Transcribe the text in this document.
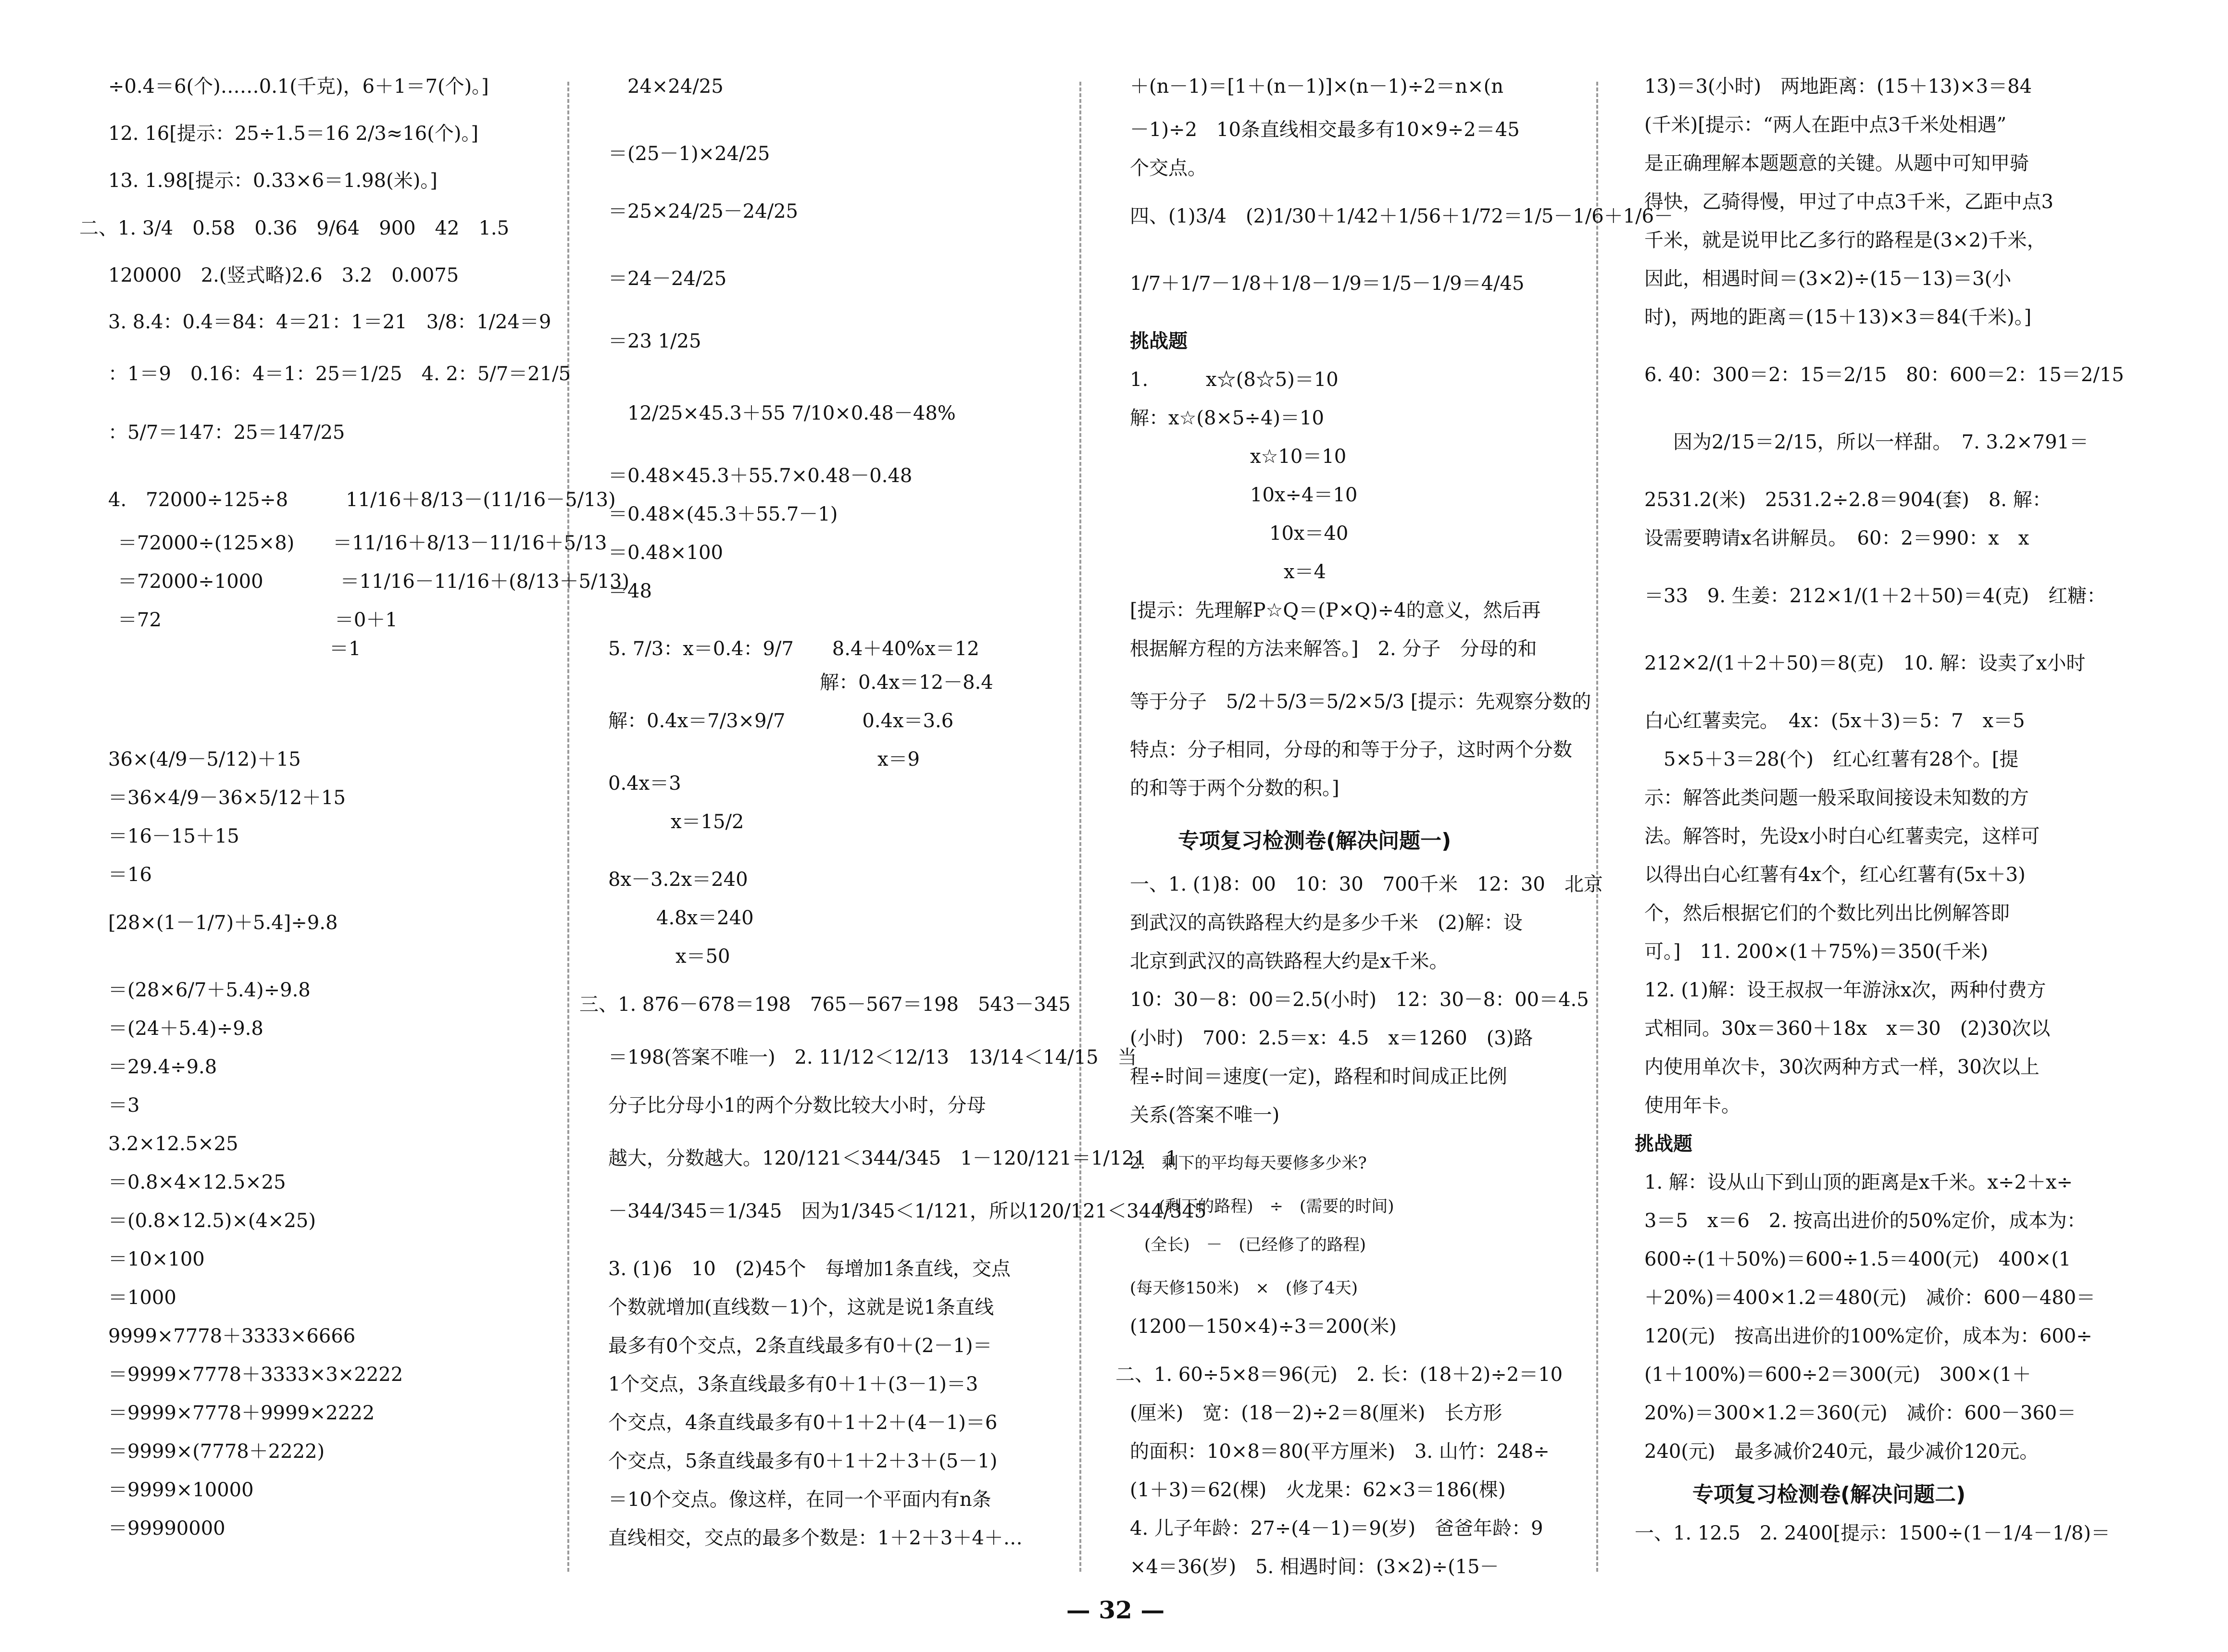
÷0.4＝6(个)……0.1(千克)，6＋1＝7(个)。]
12. 16[提示：25÷1.5＝16 2/3≈16(个)。]
13. 1.98[提示：0.33×6＝1.98(米)。]
二、1. 3/4　0.58　0.36　9/64　900　42　1.5
120000　2.(竖式略)2.6　3.2　0.0075
3. 8.4：0.4＝84：4＝21：1＝21　3/8：1/24＝9
：1＝9　0.16：4＝1：25＝1/25　4. 2：5/7＝21/5
：5/7＝147：25＝147/25
4.　72000÷125÷8　　　11/16＋8/13－(11/16－5/13)
＝72000÷(125×8)　　＝11/16＋8/13－11/16＋5/13
＝72000÷1000　　　　＝11/16－11/16＋(8/13＋5/13)
＝72　　　　　　　　　＝0＋1
　　　　　　　　　　　＝1
36×(4/9－5/12)＋15
＝36×4/9－36×5/12＋15
＝16－15＋15
＝16
[28×(1－1/7)＋5.4]÷9.8
＝(28×6/7＋5.4)÷9.8
＝(24＋5.4)÷9.8
＝29.4÷9.8
＝3
3.2×12.5×25
＝0.8×4×12.5×25
＝(0.8×12.5)×(4×25)
＝10×100
＝1000
9999×7778＋3333×6666
＝9999×7778＋3333×3×2222
＝9999×7778＋9999×2222
＝9999×(7778＋2222)
＝9999×10000
＝99990000
24×24/25
＝(25－1)×24/25
＝25×24/25－24/25
＝24－24/25
＝23 1/25
12/25×45.3＋55 7/10×0.48－48%
＝0.48×45.3＋55.7×0.48－0.48
＝0.48×(45.3＋55.7－1)
＝0.48×100
＝48
5. 7/3：x＝0.4：9/7　　8.4＋40%x＝12
　　　　　　　　　　　解：0.4x＝12－8.4
解：0.4x＝7/3×9/7　　　　0.4x＝3.6
　　　　　　　　　　　　　　x＝9
0.4x＝3
x＝15/2
8x－3.2x＝240
4.8x＝240
x＝50
三、1. 876－678＝198　765－567＝198　543－345
＝198(答案不唯一)　2. 11/12＜12/13　13/14＜14/15　当
分子比分母小1的两个分数比较大小时，分母
越大，分数越大。120/121＜344/345　1－120/121＝1/121　1
－344/345＝1/345　因为1/345＜1/121，所以120/121＜344/345
3. (1)6　10　(2)45个　每增加1条直线，交点
个数就增加(直线数－1)个，这就是说1条直线
最多有0个交点，2条直线最多有0＋(2－1)＝
1个交点，3条直线最多有0＋1＋(3－1)＝3
个交点，4条直线最多有0＋1＋2＋(4－1)＝6
个交点，5条直线最多有0＋1＋2＋3＋(5－1)
＝10个交点。像这样，在同一个平面内有n条
直线相交，交点的最多个数是：1＋2＋3＋4＋…
＋(n－1)＝[1＋(n－1)]×(n－1)÷2＝n×(n
－1)÷2　10条直线相交最多有10×9÷2＝45
个交点。
四、(1)3/4　(2)1/30＋1/42＋1/56＋1/72＝1/5－1/6＋1/6－
1/7＋1/7－1/8＋1/8－1/9＝1/5－1/9＝4/45
挑战题
1.　　　x☆(8☆5)＝10
解：x☆(8×5÷4)＝10
x☆10＝10
10x÷4＝10
10x＝40
x＝4
[提示：先理解P☆Q＝(P×Q)÷4的意义，然后再
根据解方程的方法来解答。]　2. 分子　分母的和
等于分子　5/2＋5/3＝5/2×5/3 [提示：先观察分数的
特点：分子相同，分母的和等于分子，这时两个分数
的和等于两个分数的积。]
专项复习检测卷(解决问题一)
一、1. (1)8：00　10：30　700千米　12：30　北京
到武汉的高铁路程大约是多少千米　(2)解：设
北京到武汉的高铁路程大约是x千米。
10：30－8：00＝2.5(小时)　12：30－8：00＝4.5
(小时)　700：2.5＝x：4.5　x＝1260　(3)路
程÷时间＝速度(一定)，路程和时间成正比例
关系(答案不唯一)
2.　剩下的平均每天要修多少米?
(剩下的路程)　÷　(需要的时间)
(全长)　－　(已经修了的路程)
(每天修150米)　×　(修了4天)
(1200－150×4)÷3＝200(米)
二、1. 60÷5×8＝96(元)　2. 长：(18＋2)÷2＝10
(厘米)　宽：(18－2)÷2＝8(厘米)　长方形
的面积：10×8＝80(平方厘米)　3. 山竹：248÷
(1＋3)＝62(棵)　火龙果：62×3＝186(棵)
4. 儿子年龄：27÷(4－1)＝9(岁)　爸爸年龄：9
×4＝36(岁)　5. 相遇时间：(3×2)÷(15－
13)＝3(小时)　两地距离：(15＋13)×3＝84
(千米)[提示：“两人在距中点3千米处相遇”
是正确理解本题题意的关键。从题中可知甲骑
得快，乙骑得慢，甲过了中点3千米，乙距中点3
千米，就是说甲比乙多行的路程是(3×2)千米，
因此，相遇时间＝(3×2)÷(15－13)＝3(小
时)，两地的距离＝(15＋13)×3＝84(千米)。]
6. 40：300＝2：15＝2/15　80：600＝2：15＝2/15
因为2/15＝2/15，所以一样甜。　7. 3.2×791＝
2531.2(米)　2531.2÷2.8＝904(套)　8. 解：
设需要聘请x名讲解员。　60：2＝990：x　x
＝33　9. 生姜：212×1/(1＋2＋50)＝4(克)　红糖：
212×2/(1＋2＋50)＝8(克)　10. 解：设卖了x小时
白心红薯卖完。　4x：(5x＋3)＝5：7　x＝5
5×5＋3＝28(个)　红心红薯有28个。[提
示：解答此类问题一般采取间接设未知数的方
法。解答时，先设x小时白心红薯卖完，这样可
以得出白心红薯有4x个，红心红薯有(5x＋3)
个，然后根据它们的个数比列出比例解答即
可。]　11. 200×(1＋75%)＝350(千米)
12. (1)解：设王叔叔一年游泳x次，两种付费方
式相同。30x＝360＋18x　x＝30　(2)30次以
内使用单次卡，30次两种方式一样，30次以上
使用年卡。
挑战题
1. 解：设从山下到山顶的距离是x千米。x÷2＋x÷
3＝5　x＝6　2. 按高出进价的50%定价，成本为：
600÷(1＋50%)＝600÷1.5＝400(元)　400×(1
＋20%)＝400×1.2＝480(元)　减价：600－480＝
120(元)　按高出进价的100%定价，成本为：600÷
(1＋100%)＝600÷2＝300(元)　300×(1＋
20%)＝300×1.2＝360(元)　减价：600－360＝
240(元)　最多减价240元，最少减价120元。
专项复习检测卷(解决问题二)
一、1. 12.5　2. 2400[提示：1500÷(1－1/4－1/8)＝
— 32 —
